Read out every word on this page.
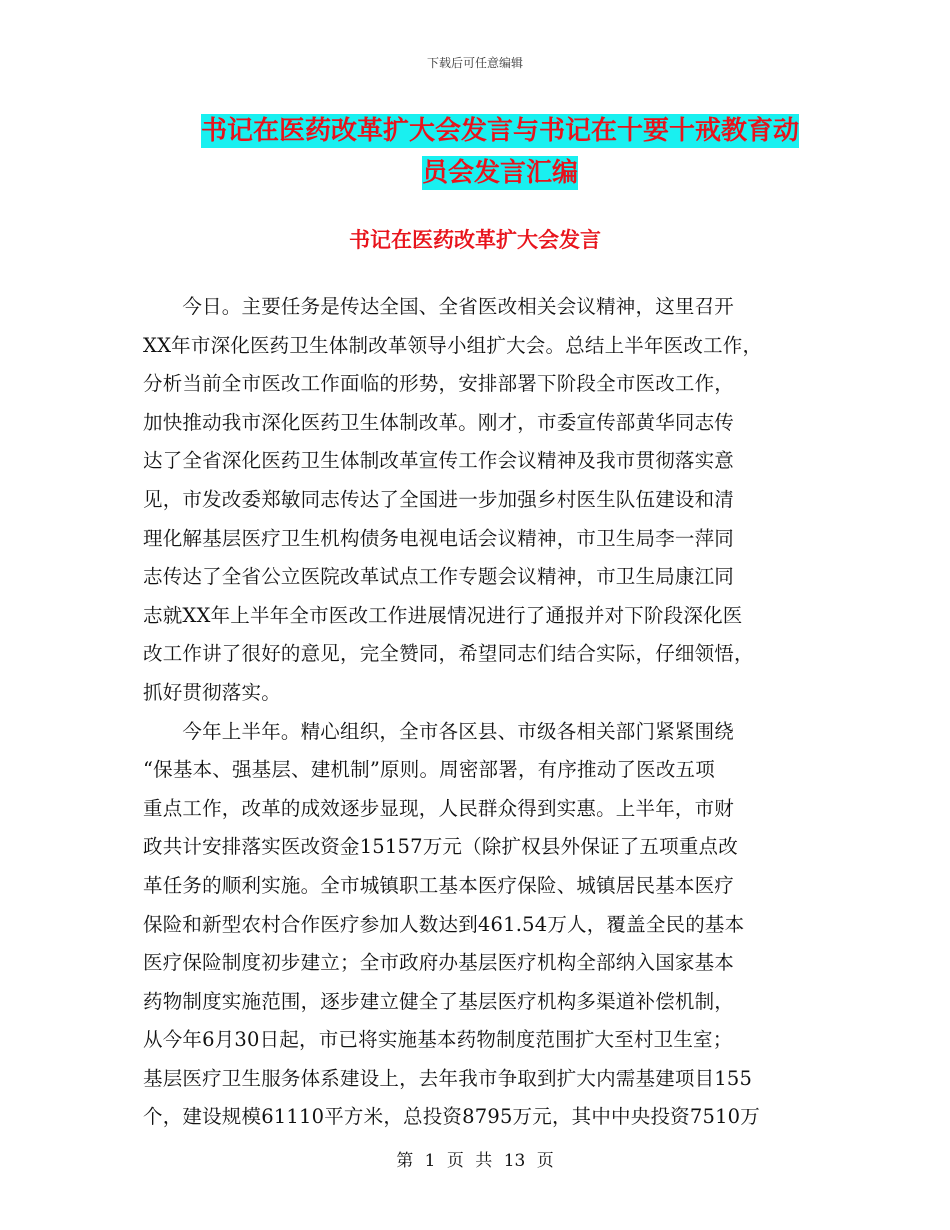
下载后可任意编辑
书记在医药改革扩大会发言与书记在十要十戒教育动
员会发言汇编
书记在医药改革扩大会发言

　　今日。主要任务是传达全国、全省医改相关会议精神，这里召开
XX年市深化医药卫生体制改革领导小组扩大会。总结上半年医改工作，
分析当前全市医改工作面临的形势，安排部署下阶段全市医改工作，
加快推动我市深化医药卫生体制改革。刚才，市委宣传部黄华同志传
达了全省深化医药卫生体制改革宣传工作会议精神及我市贯彻落实意
见，市发改委郑敏同志传达了全国进一步加强乡村医生队伍建设和清
理化解基层医疗卫生机构债务电视电话会议精神，市卫生局李一萍同
志传达了全省公立医院改革试点工作专题会议精神，市卫生局康江同
志就XX年上半年全市医改工作进展情况进行了通报并对下阶段深化医
改工作讲了很好的意见，完全赞同，希望同志们结合实际，仔细领悟，
抓好贯彻落实。

　　今年上半年。精心组织，全市各区县、市级各相关部门紧紧围绕
“保基本、强基层、建机制”原则。周密部署，有序推动了医改五项
重点工作，改革的成效逐步显现，人民群众得到实惠。上半年，市财
政共计安排落实医改资金15157万元（除扩权县外保证了五项重点改
革任务的顺利实施。全市城镇职工基本医疗保险、城镇居民基本医疗
保险和新型农村合作医疗参加人数达到461.54万人，覆盖全民的基本
医疗保险制度初步建立；全市政府办基层医疗机构全部纳入国家基本
药物制度实施范围，逐步建立健全了基层医疗机构多渠道补偿机制，
从今年6月30日起，市已将实施基本药物制度范围扩大至村卫生室；
基层医疗卫生服务体系建设上，去年我市争取到扩大内需基建项目155
个，建设规模61110平方米，总投资8795万元，其中中央投资7510万

第 1 页 共 13 页
